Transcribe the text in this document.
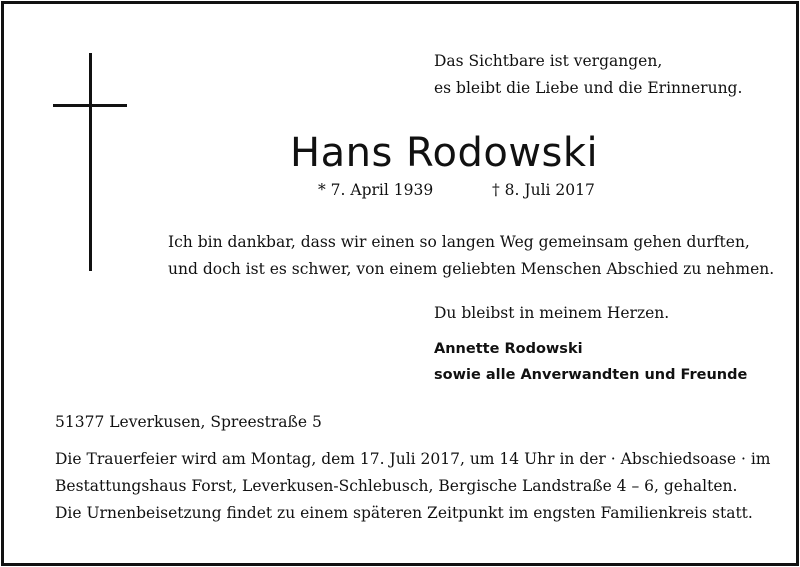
Das Sichtbare ist vergangen,
es bleibt die Liebe und die Erinnerung.
Hans Rodowski
* 7. April 1939	† 8. Juli 2017

Ich bin dankbar, dass wir einen so langen Weg gemeinsam gehen durften,

und doch ist es schwer, von einem geliebten Menschen Abschied zu nehmen.

Du bleibst in meinem Herzen.
Annette Rodowski
sowie alle Anverwandten und Freunde
51377 Leverkusen, Spreestraße 5

Die Trauerfeier wird am Montag, dem 17. Juli 2017, um 14 Uhr in der · Abschiedsoase · im

Bestattungshaus Forst, Leverkusen-Schlebusch, Bergische Landstraße 4 – 6, gehalten.

Die Urnenbeisetzung findet zu einem späteren Zeitpunkt im engsten Familienkreis statt.
